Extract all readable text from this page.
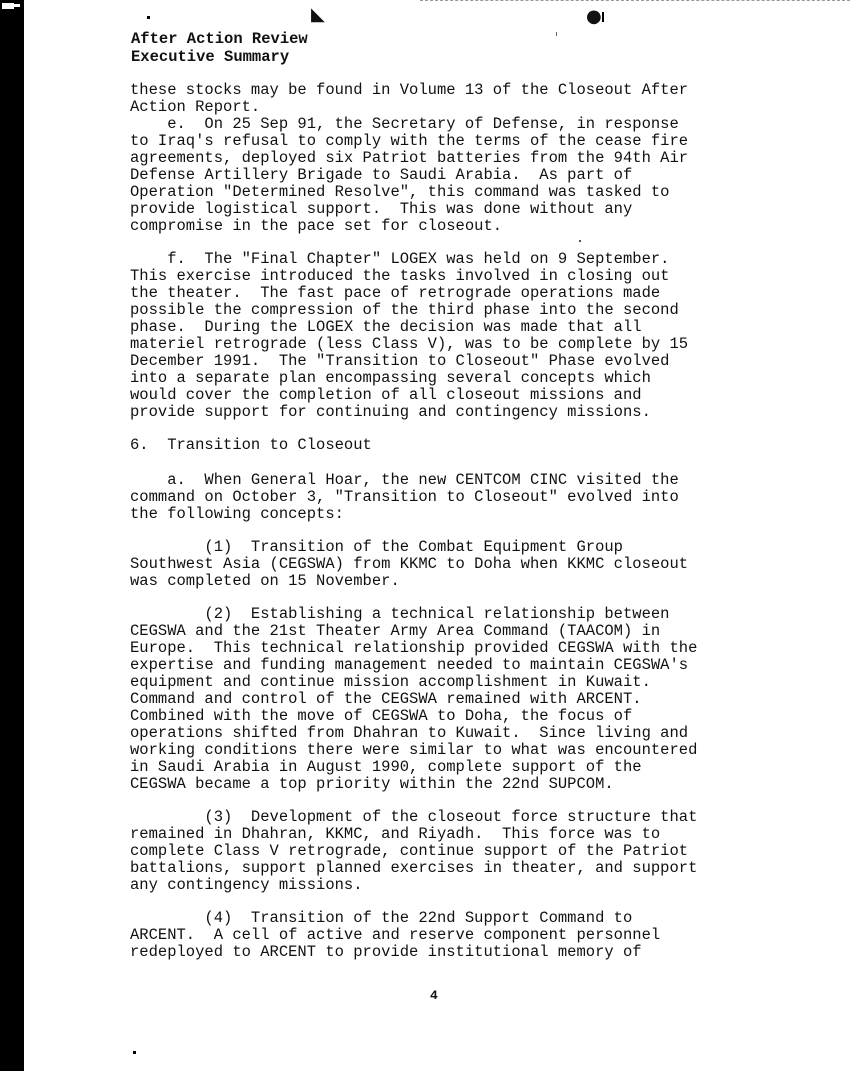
◣	●
After Action Review
Executive Summary
these stocks may be found in Volume 13 of the Closeout After
Action Report.
e.  On 25 Sep 91, the Secretary of Defense, in response
to Iraq's refusal to comply with the terms of the cease fire
agreements, deployed six Patriot batteries from the 94th Air
Defense Artillery Brigade to Saudi Arabia.  As part of
Operation "Determined Resolve", this command was tasked to
provide logistical support.  This was done without any
compromise in the pace set for closeout.
f.  The "Final Chapter" LOGEX was held on 9 September.
This exercise introduced the tasks involved in closing out
the theater.  The fast pace of retrograde operations made
possible the compression of the third phase into the second
phase.  During the LOGEX the decision was made that all
materiel retrograde (less Class V), was to be complete by 15
December 1991.  The "Transition to Closeout" Phase evolved
into a separate plan encompassing several concepts which
would cover the completion of all closeout missions and
provide support for continuing and contingency missions.
6.  Transition to Closeout
a.  When General Hoar, the new CENTCOM CINC visited the
command on October 3, "Transition to Closeout" evolved into
the following concepts:
(1)  Transition of the Combat Equipment Group
Southwest Asia (CEGSWA) from KKMC to Doha when KKMC closeout
was completed on 15 November.
(2)  Establishing a technical relationship between
CEGSWA and the 21st Theater Army Area Command (TAACOM) in
Europe.  This technical relationship provided CEGSWA with the
expertise and funding management needed to maintain CEGSWA's
equipment and continue mission accomplishment in Kuwait.
Command and control of the CEGSWA remained with ARCENT.
Combined with the move of CEGSWA to Doha, the focus of
operations shifted from Dhahran to Kuwait.  Since living and
working conditions there were similar to what was encountered
in Saudi Arabia in August 1990, complete support of the
CEGSWA became a top priority within the 22nd SUPCOM.
(3)  Development of the closeout force structure that
remained in Dhahran, KKMC, and Riyadh.  This force was to
complete Class V retrograde, continue support of the Patriot
battalions, support planned exercises in theater, and support
any contingency missions.
(4)  Transition of the 22nd Support Command to
ARCENT.  A cell of active and reserve component personnel
redeployed to ARCENT to provide institutional memory of
4
